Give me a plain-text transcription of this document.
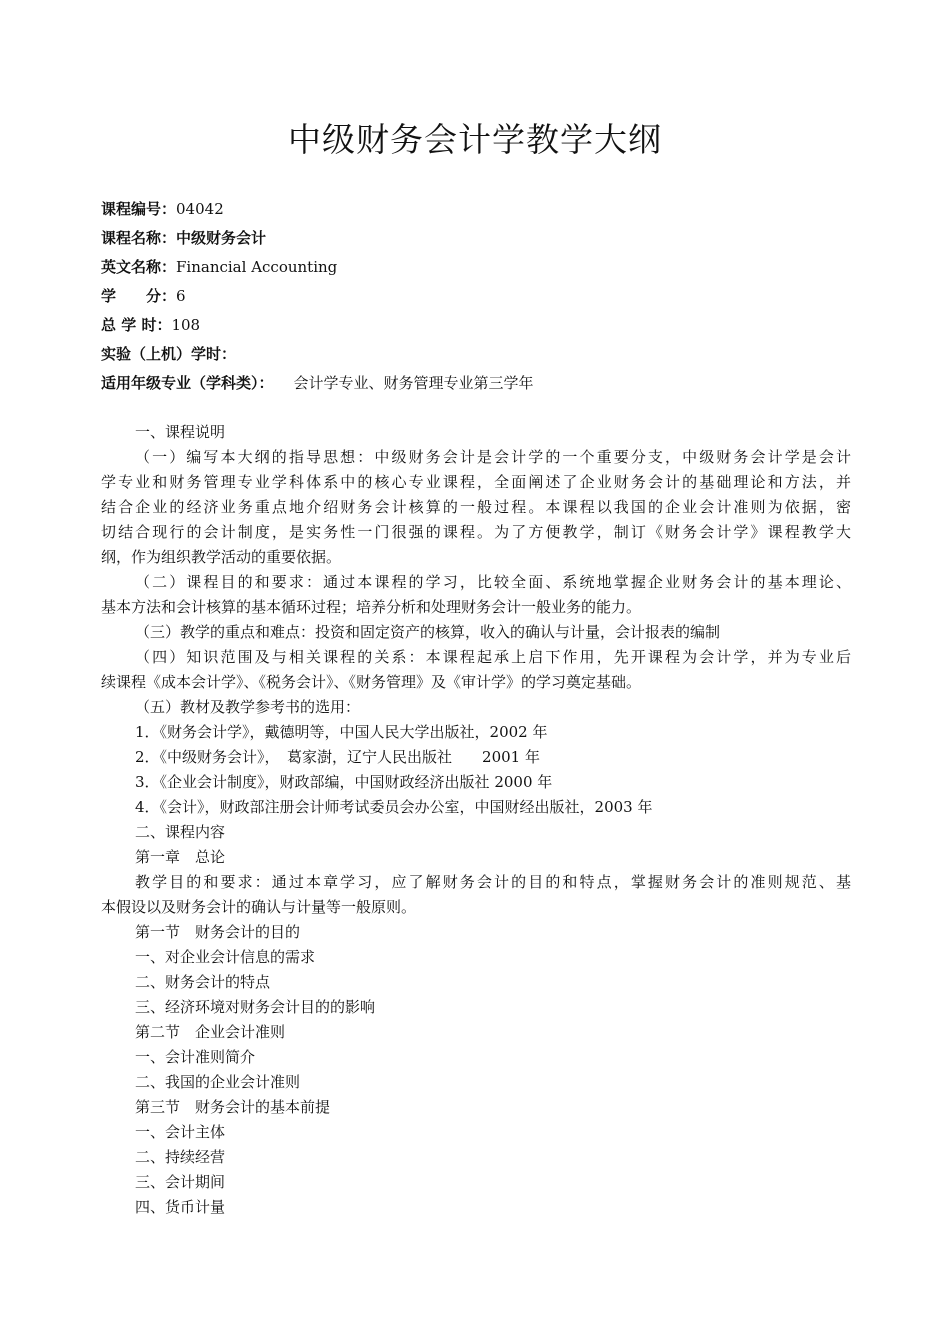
中级财务会计学教学大纲
课程编号：04042
课程名称：中级财务会计
英文名称：Financial Accounting
学　　分：6
总 学 时：108
实验（上机）学时：
适用年级专业（学科类）： 会计学专业、财务管理专业第三学年
一、课程说明
（一）编写本大纲的指导思想：中级财务会计是会计学的一个重要分支，中级财务会计学是会计
学专业和财务管理专业学科体系中的核心专业课程，全面阐述了企业财务会计的基础理论和方法，并
结合企业的经济业务重点地介绍财务会计核算的一般过程。本课程以我国的企业会计准则为依据，密
切结合现行的会计制度，是实务性一门很强的课程。为了方便教学，制订《财务会计学》课程教学大
纲，作为组织教学活动的重要依据。
（二）课程目的和要求：通过本课程的学习，比较全面、系统地掌握企业财务会计的基本理论、
基本方法和会计核算的基本循环过程；培养分析和处理财务会计一般业务的能力。
（三）教学的重点和难点：投资和固定资产的核算，收入的确认与计量，会计报表的编制
（四）知识范围及与相关课程的关系：本课程起承上启下作用，先开课程为会计学，并为专业后
续课程《成本会计学》、《税务会计》、《财务管理》及《审计学》的学习奠定基础。
（五）教材及教学参考书的选用：
1．《财务会计学》，戴德明等，中国人民大学出版社，2002 年
2．《中级财务会计》，　葛家澍，辽宁人民出版社　　2001 年
3．《企业会计制度》，财政部编，中国财政经济出版社 2000 年
4．《会计》，财政部注册会计师考试委员会办公室，中国财经出版社，2003 年
二、课程内容
第一章　总论
教学目的和要求：通过本章学习，应了解财务会计的目的和特点，掌握财务会计的准则规范、基
本假设以及财务会计的确认与计量等一般原则。
第一节　财务会计的目的
一、对企业会计信息的需求
二、财务会计的特点
三、经济环境对财务会计目的的影响
第二节　企业会计准则
一、会计准则简介
二、我国的企业会计准则
第三节　财务会计的基本前提
一、会计主体
二、持续经营
三、会计期间
四、货币计量
